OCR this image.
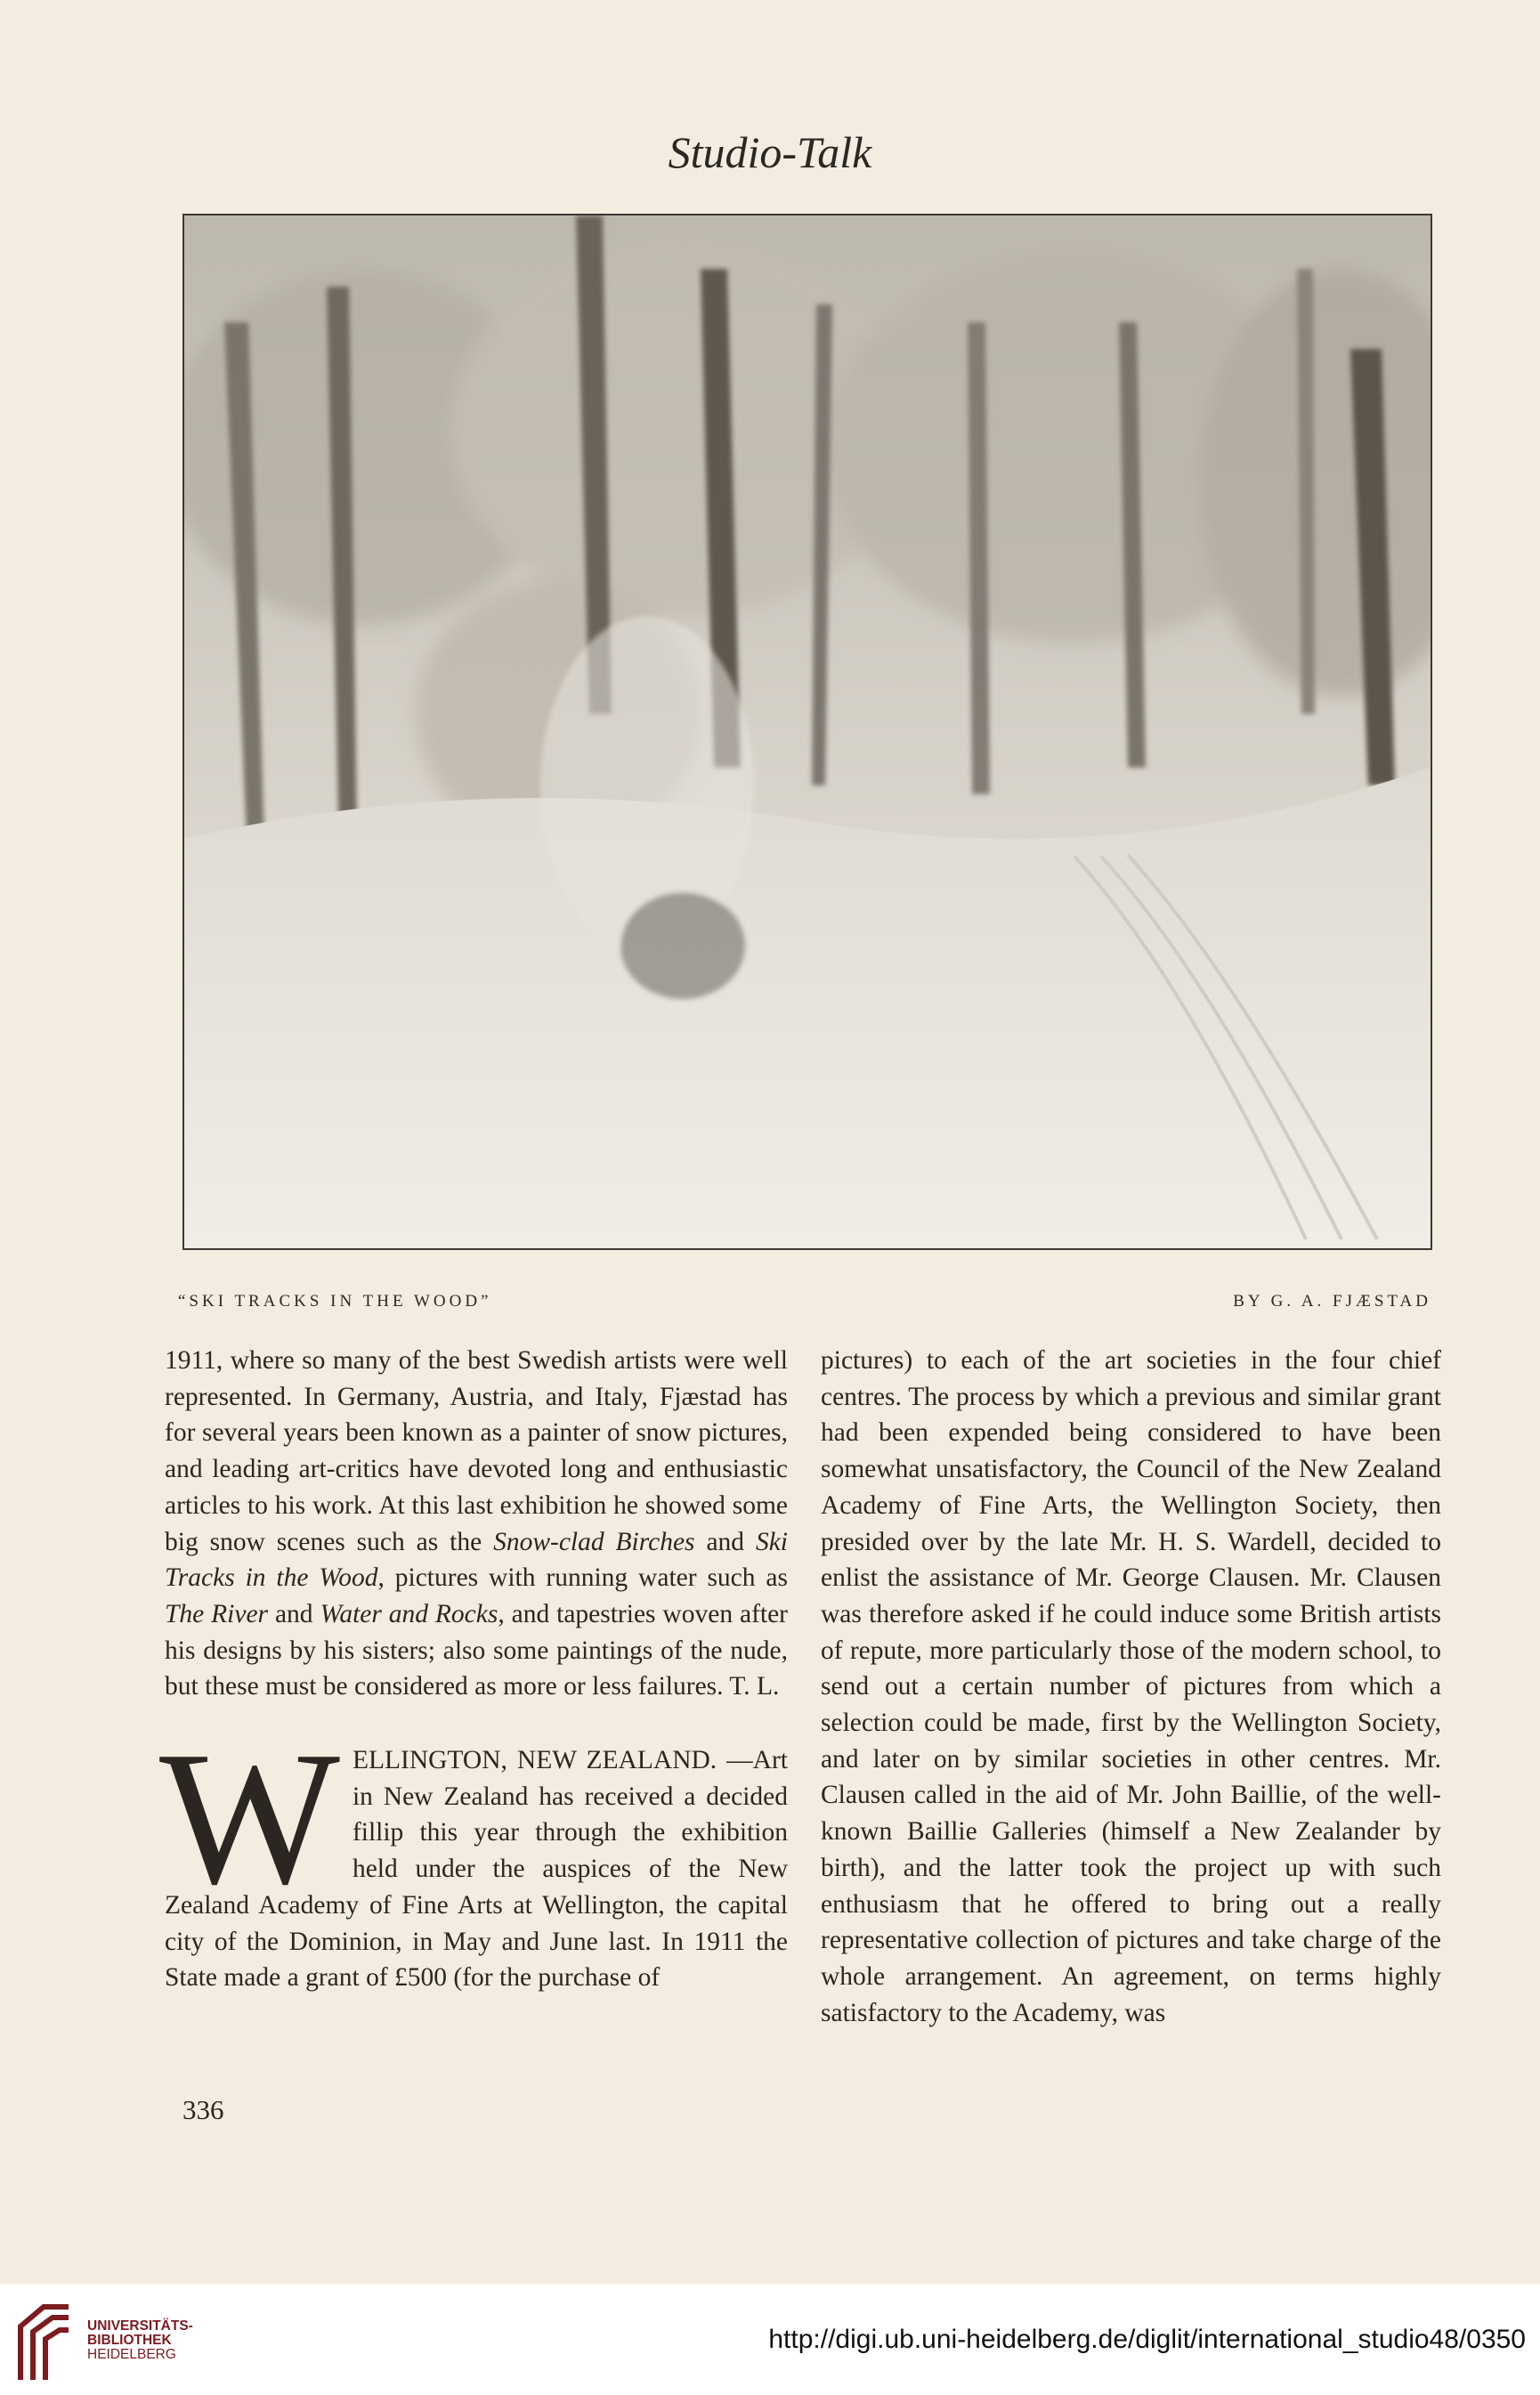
Studio-Talk
“SKI TRACKS IN THE WOOD”	BY G. A. FJÆSTAD

1911, where so many of the best Swedish artists were well represented. In Germany, Austria, and Italy, Fjæstad has for several years been known as a painter of snow pictures, and leading art-critics have devoted long and enthusiastic articles to his work. At this last exhibition he showed some big snow scenes such as the Snow-clad Birches and Ski Tracks in the Wood, pictures with running water such as The River and Water and Rocks, and tapestries woven after his designs by his sisters; also some paintings of the nude, but these must be considered as more or less failures. T. L.

WELLINGTON, NEW ZEALAND. —Art in New Zealand has received a decided fillip this year through the exhibition held under the auspices of the New Zealand Academy of Fine Arts at Wellington, the capital city of the Dominion, in May and June last. In 1911 the State made a grant of £500 (for the purchase of

pictures) to each of the art societies in the four chief centres. The process by which a previous and similar grant had been expended being considered to have been somewhat unsatisfactory, the Council of the New Zealand Academy of Fine Arts, the Wellington Society, then presided over by the late Mr. H. S. Wardell, decided to enlist the assistance of Mr. George Clausen. Mr. Clausen was therefore asked if he could induce some British artists of repute, more particularly those of the modern school, to send out a certain number of pictures from which a selection could be made, first by the Wellington Society, and later on by similar societies in other centres. Mr. Clausen called in the aid of Mr. John Baillie, of the well-known Baillie Galleries (himself a New Zealander by birth), and the latter took the project up with such enthusiasm that he offered to bring out a really representative collection of pictures and take charge of the whole arrangement. An agreement, on terms highly satisfactory to the Academy, was

336
UNIVERSITÄTS-
BIBLIOTHEK
HEIDELBERG
http://digi.ub.uni-heidelberg.de/diglit/international_studio48/0350
